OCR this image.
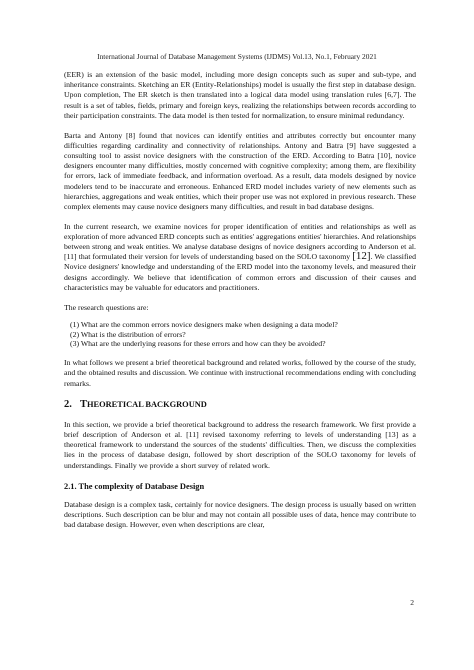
International Journal of Database Management Systems (IJDMS) Vol.13, No.1, February 2021

(EER) is an extension of the basic model, including more design concepts such as super and sub-type, and inheritance constraints. Sketching an ER (Entity-Relationships) model is usually the first step in database design. Upon completion, The ER sketch is then translated into a logical data model using translation rules [6,7]. The result is a set of tables, fields, primary and foreign keys, realizing the relationships between records according to their participation constraints. The data model is then tested for normalization, to ensure minimal redundancy.

Barta and Antony [8] found that novices can identify entities and attributes correctly but encounter many difficulties regarding cardinality and connectivity of relationships. Antony and Batra [9] have suggested a consulting tool to assist novice designers with the construction of the ERD. According to Batra [10], novice designers encounter many difficulties, mostly concerned with cognitive complexity; among them, are flexibility for errors, lack of immediate feedback, and information overload. As a result, data models designed by novice modelers tend to be inaccurate and erroneous. Enhanced ERD model includes variety of new elements such as hierarchies, aggregations and weak entities, which their proper use was not explored in previous research. These complex elements may cause novice designers many difficulties, and result in bad database designs.

In the current research, we examine novices for proper identification of entities and relationships as well as exploration of more advanced ERD concepts such as entities' aggregations entities' hierarchies. And relationships between strong and weak entities. We analyse database designs of novice designers according to Anderson et al. [11] that formulated their version for levels of understanding based on the SOLO taxonomy [12]. We classified Novice designers' knowledge and understanding of the ERD model into the taxonomy levels, and measured their designs accordingly. We believe that identification of common errors and discussion of their causes and characteristics may be valuable for educators and practitioners.

The research questions are:

(1) What are the common errors novice designers make when designing a data model?
(2) What is the distribution of errors?
(3) What are the underlying reasons for these errors and how can they be avoided?

In what follows we present a brief theoretical background and related works, followed by the course of the study, and the obtained results and discussion. We continue with instructional recommendations ending with concluding remarks.

2. THEORETICAL BACKGROUND

In this section, we provide a brief theoretical background to address the research framework. We first provide a brief description of Anderson et al. [11] revised taxonomy referring to levels of understanding [13] as a theoretical framework to understand the sources of the students' difficulties. Then, we discuss the complexities lies in the process of database design, followed by short description of the SOLO taxonomy for levels of understandings. Finally we provide a short survey of related work.

2.1. The complexity of Database Design

Database design is a complex task, certainly for novice designers. The design process is usually based on written descriptions. Such description can be blur and may not contain all possible uses of data, hence may contribute to bad database design. However, even when descriptions are clear,

2
